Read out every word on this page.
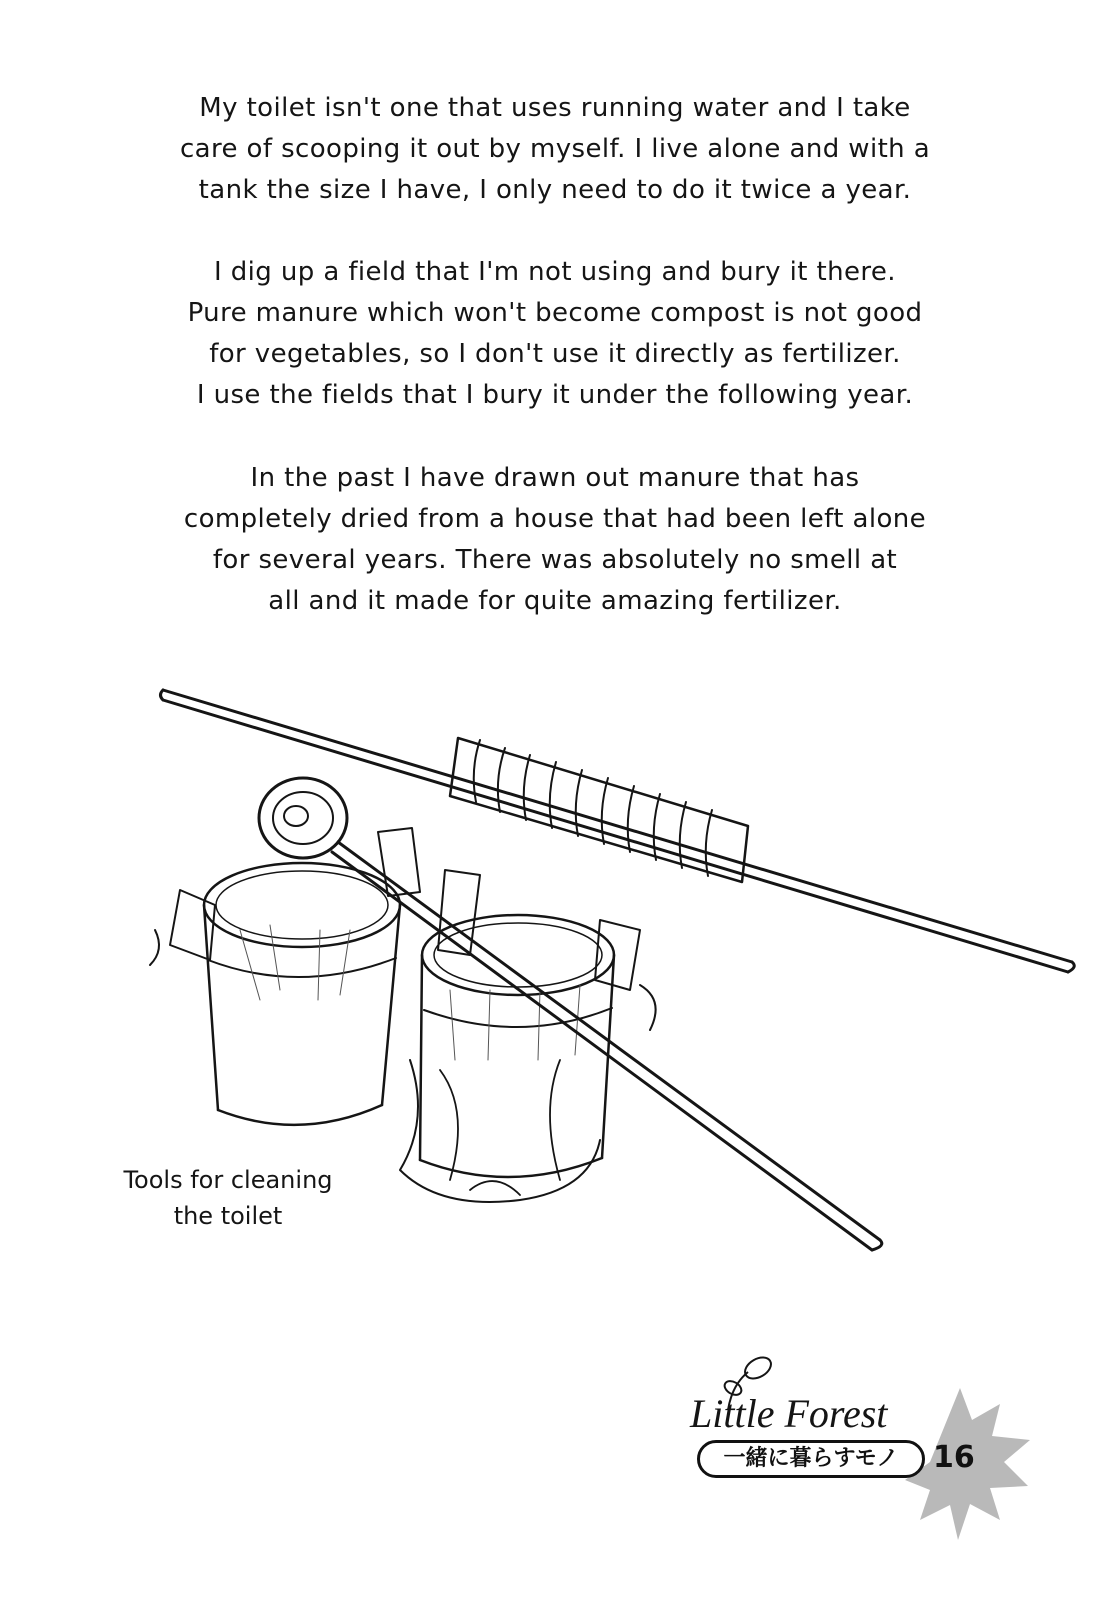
My toilet isn't one that uses running water and I take
care of scooping it out by myself. I live alone and with a
tank the size I have, I only need to do it twice a year.

I dig up a field that I'm not using and bury it there.
Pure manure which won't become compost is not good
for vegetables, so I don't use it directly as fertilizer.
I use the fields that I bury it under the following year.

In the past I have drawn out manure that has
completely dried from a house that had been left alone
for several years. There was absolutely no smell at
all and it made for quite amazing fertilizer.

Tools for cleaning
the toilet
Little Forest
一緒に暮らすモノ	16
